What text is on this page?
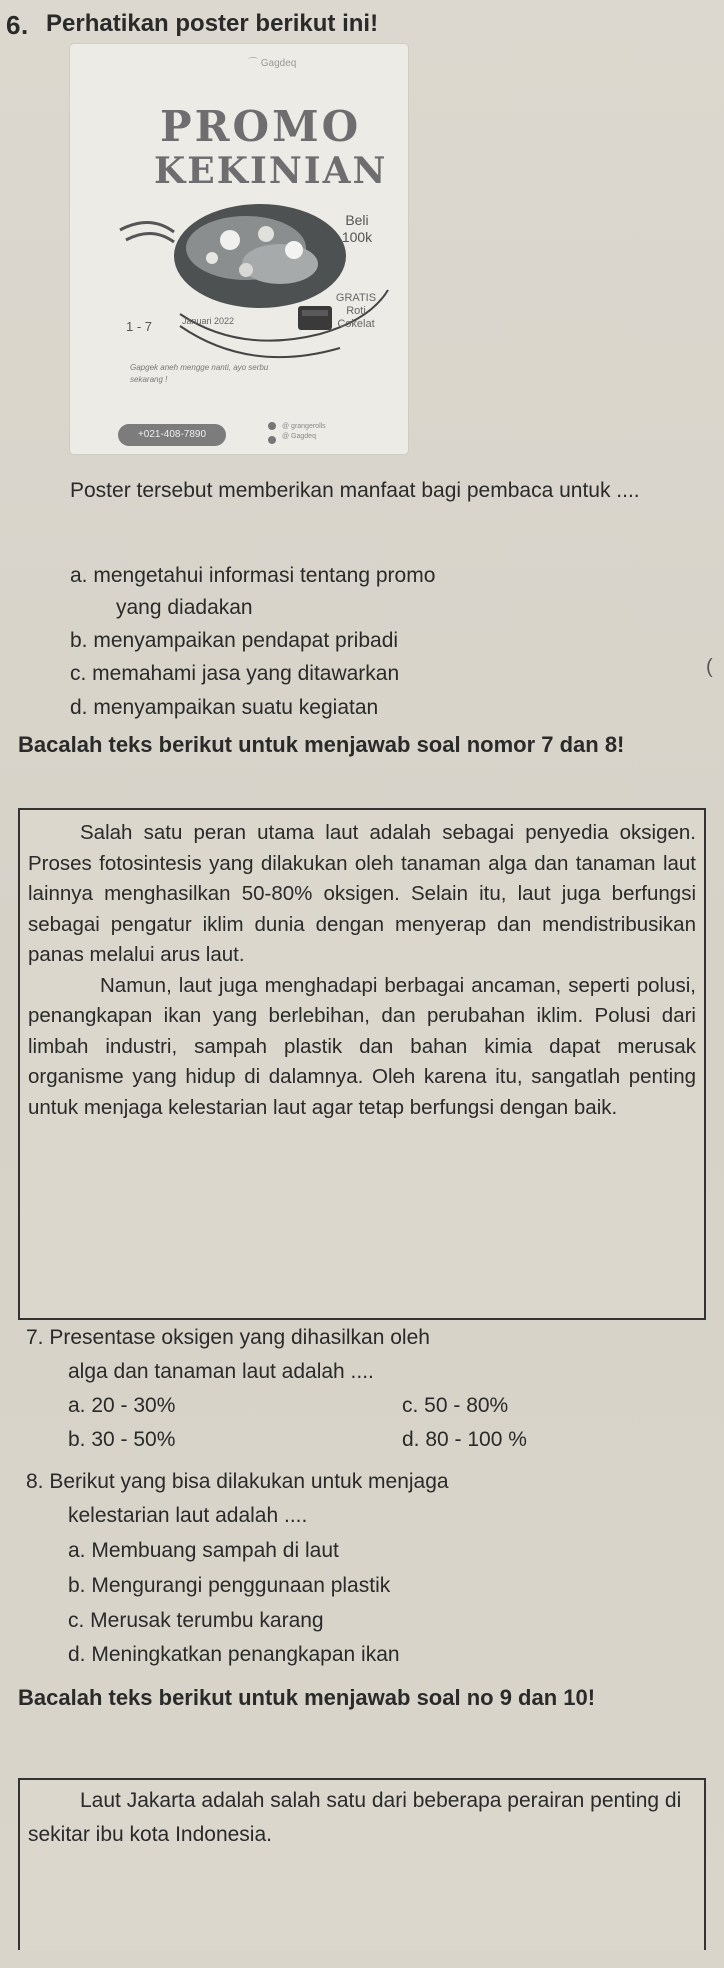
6. Perhatikan poster berikut ini!
⌒ Gagdeq
PROMO
KEKINIAN
Beli 100k
GRATIS Roti Cokelat
1 - 7	Januari 2022
Gapgek aneh mengge nanti, ayo serbu sekarang !
+021-408-7890
@ grangerolls
@ Gagdeq
Poster tersebut memberikan manfaat bagi pembaca untuk ....
a. mengetahui informasi tentang promo
yang diadakan
b. menyampaikan pendapat pribadi
c. memahami jasa yang ditawarkan
d. menyampaikan suatu kegiatan
(
Bacalah teks berikut untuk menjawab soal nomor 7 dan 8!
Salah satu peran utama laut adalah sebagai penyedia oksigen. Proses fotosintesis yang dilakukan oleh tanaman alga dan tanaman laut lainnya menghasilkan 50-80% oksigen. Selain itu, laut juga berfungsi sebagai pengatur iklim dunia dengan menyerap dan mendistribusikan panas melalui arus laut.
Namun, laut juga menghadapi berbagai ancaman, seperti polusi, penangkapan ikan yang berlebihan, dan perubahan iklim. Polusi dari limbah industri, sampah plastik dan bahan kimia dapat merusak organisme yang hidup di dalamnya. Oleh karena itu, sangatlah penting untuk menjaga kelestarian laut agar tetap berfungsi dengan baik.
7. Presentase oksigen yang dihasilkan oleh
alga dan tanaman laut adalah ....
a. 20 - 30%	c. 50 - 80%
b. 30 - 50%	d. 80 - 100 %
8. Berikut yang bisa dilakukan untuk menjaga
kelestarian laut adalah ....
a. Membuang sampah di laut
b. Mengurangi penggunaan plastik
c. Merusak terumbu karang
d. Meningkatkan penangkapan ikan
Bacalah teks berikut untuk menjawab soal no 9 dan 10!
Laut Jakarta adalah salah satu dari beberapa perairan penting di sekitar ibu kota Indonesia.
